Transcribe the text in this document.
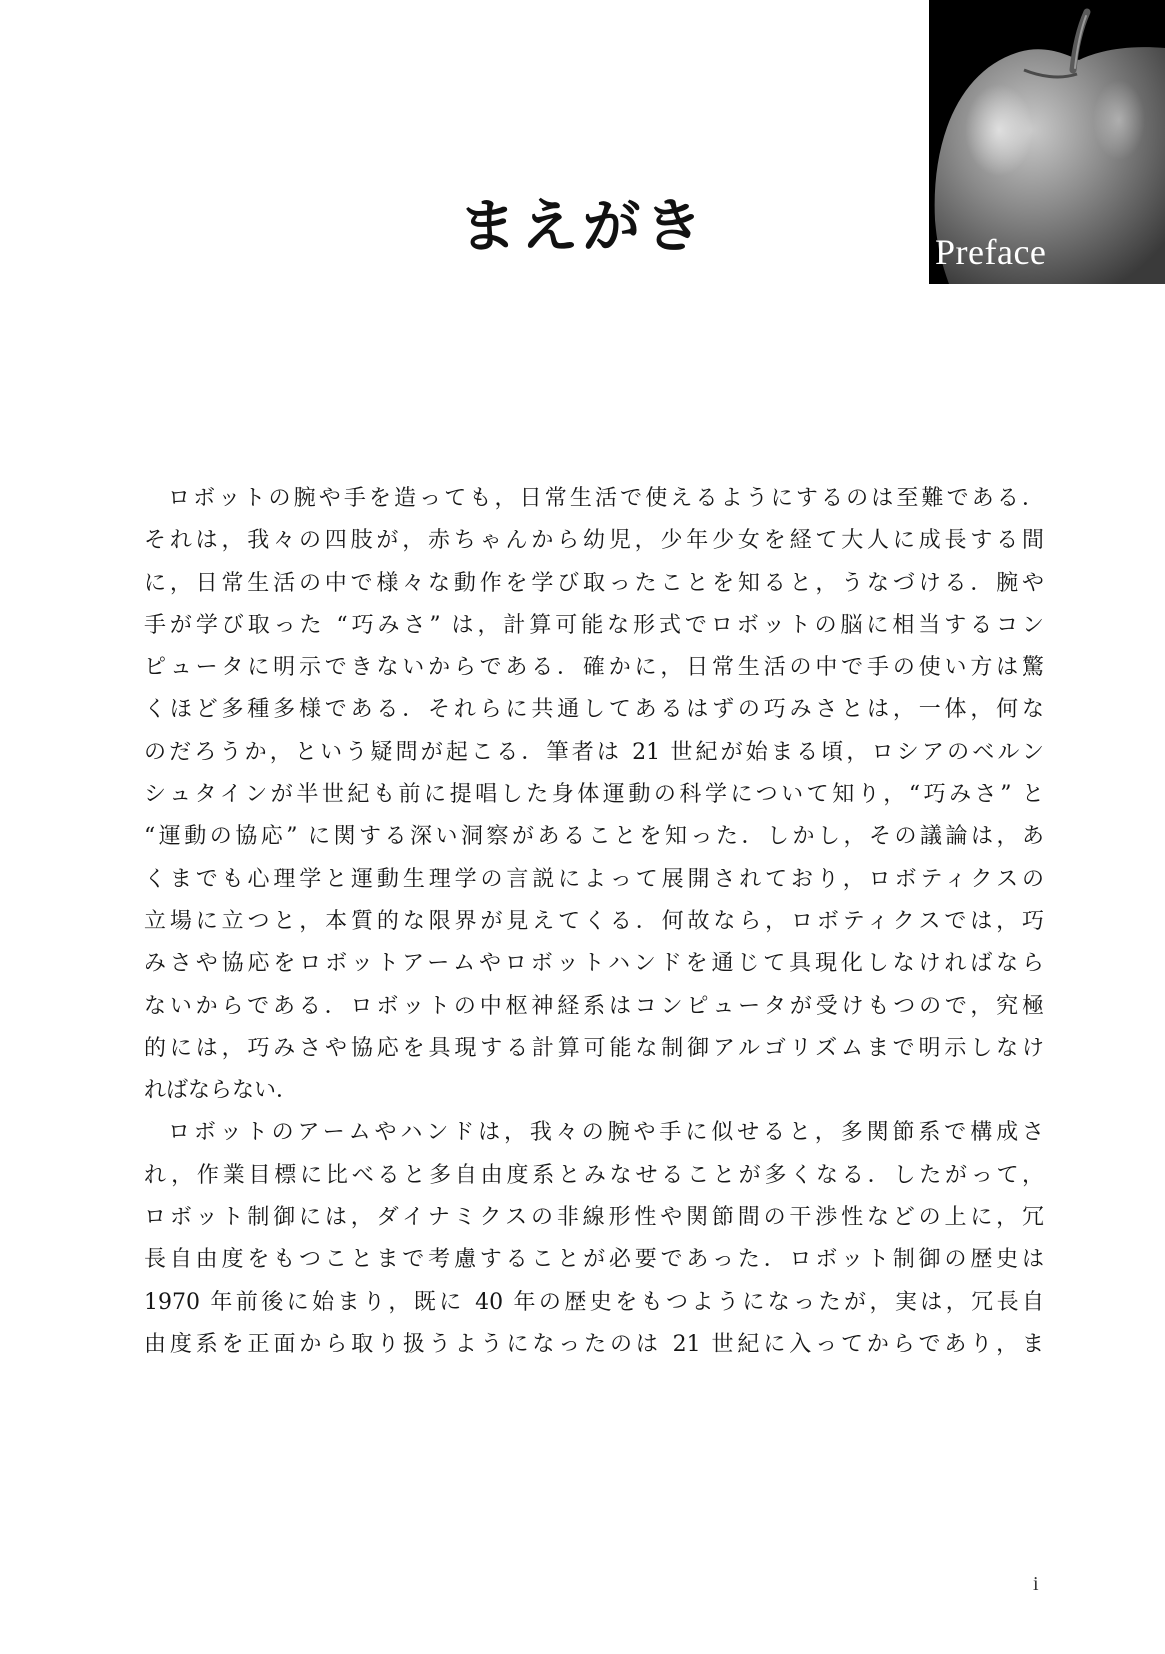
Preface
まえがき
ロボットの腕や手を造っても，日常生活で使えるようにするのは至難である．
それは，我々の四肢が，赤ちゃんから幼児，少年少女を経て大人に成長する間
に，日常生活の中で様々な動作を学び取ったことを知ると，うなづける．腕や
手が学び取った “巧みさ” は，計算可能な形式でロボットの脳に相当するコン
ピュータに明示できないからである．確かに，日常生活の中で手の使い方は驚
くほど多種多様である．それらに共通してあるはずの巧みさとは，一体，何な
のだろうか，という疑問が起こる．筆者は 21 世紀が始まる頃，ロシアのベルン
シュタインが半世紀も前に提唱した身体運動の科学について知り，“巧みさ” と
“運動の協応” に関する深い洞察があることを知った．しかし，その議論は，あ
くまでも心理学と運動生理学の言説によって展開されており，ロボティクスの
立場に立つと，本質的な限界が見えてくる．何故なら，ロボティクスでは，巧
みさや協応をロボットアームやロボットハンドを通じて具現化しなければなら
ないからである．ロボットの中枢神経系はコンピュータが受けもつので，究極
的には，巧みさや協応を具現する計算可能な制御アルゴリズムまで明示しなけ
ればならない．
ロボットのアームやハンドは，我々の腕や手に似せると，多関節系で構成さ
れ，作業目標に比べると多自由度系とみなせることが多くなる．したがって，
ロボット制御には，ダイナミクスの非線形性や関節間の干渉性などの上に，冗
長自由度をもつことまで考慮することが必要であった．ロボット制御の歴史は
1970 年前後に始まり，既に 40 年の歴史をもつようになったが，実は，冗長自
由度系を正面から取り扱うようになったのは 21 世紀に入ってからであり，ま
i
